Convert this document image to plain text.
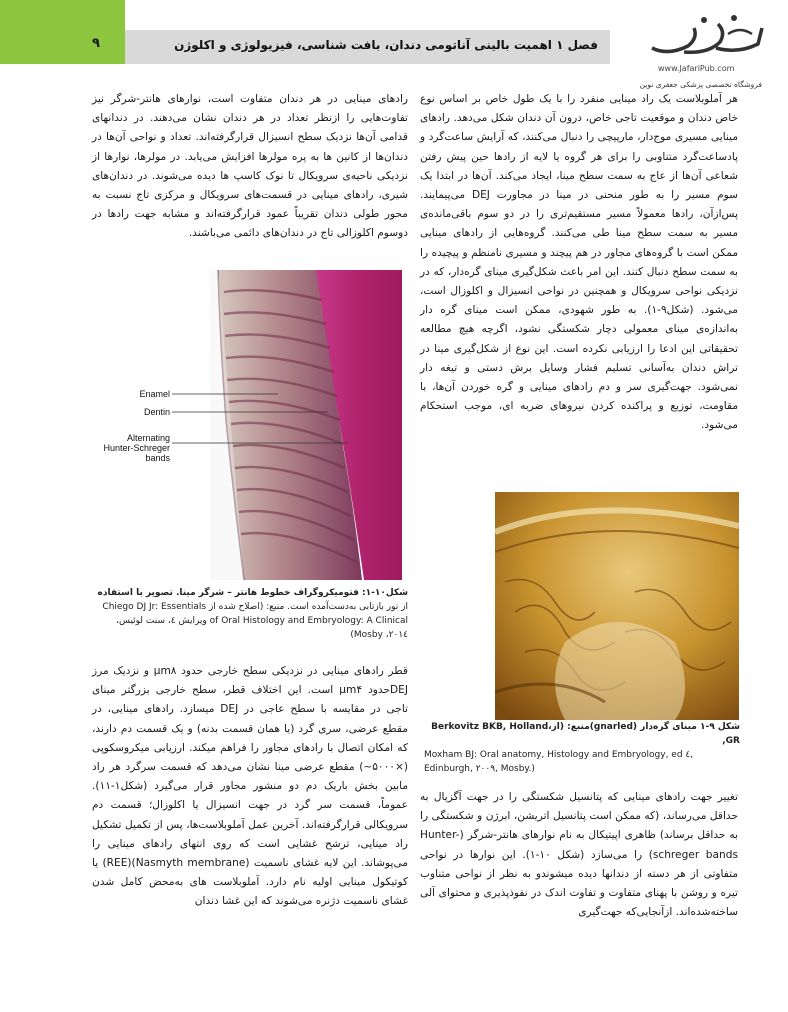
۹	فصل ۱ اهمیت بالینی آناتومی دندان، بافت شناسی، فیزیولوژی و اکلوژن
www.JafariPub.com
فروشگاه تخصصی پزشکی جعفری نوین

هر آملوبلاست یک راد مینایی منفرد را با یک طول خاص بر اساس نوع خاص دندان و موقعیت تاجی خاص، درون آن دندان شکل می‌دهد. رادهای مینایی مسیری موج‌دار، مارپیچی را دنبال می‌کنند، که آرایش ساعت‌گرد و پادساعت‌گرد متناوبی را برای هر گروه یا لایه از رادها حین پیش رفتن شعاعی آن‌ها از عاج به سمت سطح مینا، ایجاد می‌کند. آن‌ها در ابتدا یک سوم مسیر را به طور منحنی در مینا در مجاورت DEJ می‌پیمایند. پس‌از‌آن، رادها معمولاً مسیر مستقیم‌تری را در دو سوم باقی‌مانده‌ی مسیر به سمت سطح مینا طی می‌کنند. گروه‌هایی از رادهای مینایی ممکن است با گروه‌های مجاور در هم پیچند و مسیری نامنظم و پیچیده را به سمت سطح دنبال کنند. این امر باعث شکل‌گیری مینای گره‌دار، که در نزدیکی نواحی سرویکال و همچنین در نواحی انسیزال و اکلوزال است، می‌شود. (شکل۹-۱). به طور شهودی، ممکن است مینای گره دار به‌اندازه‌ی مینای معمولی دچار شکستگی نشود، اگرچه هیچ مطالعه تحقیقاتی این ادعا را ارزیابی نکرده است. این نوع از شکل‌گیری مینا در تراش دندان به‌آسانی تسلیم فشار وسایل برش دستی و تیغه دار نمی‌شود. جهت‌گیری سر و دم رادهای مینایی و گره خوردن آن‌ها، با مقاومت، توزیع و پراکنده کردن نیروهای ضربه ای، موجب استحکام می‌شود.

رادهای مینایی در هر دندان متفاوت است، نوارهای هانتر-شرگر نیز تفاوت‌هایی را ازنظر تعداد در هر دندان نشان می‌دهند. در دندانهای قدامی آن‌ها نزدیک سطح انسیزال قرارگرفته‌اند. تعداد و نواحی آن‌ها در دندان‌ها از کانین ها به پره مولرها افزایش می‌یابد. در مولرها، نوارها از نزدیکی ناحیه‌ی سرویکال تا نوک کاسپ ها دیده می‌شوند. در دندان‌های شیری، رادهای مینایی در قسمت‌های سرویکال و مرکزی تاج نسبت به محور طولی دندان تقریباً عمود قرارگرفته‌اند و مشابه جهت رادها در دوسوم اکلوزالی تاج در دندان‌های دائمی می‌باشند.

Enamel
Dentin
Alternating
Hunter-Schreger
bands
شکل۱۰-۱: فتومیکروگراف خطوط هانتر – شرگر مینا. تصویر با استفاده
از نور بازتابی به‌دست‌آمده است. منبع: (اصلاح شده از Chiego DJ Jr: Essentials of Oral Histology and Embryology: A Clinical ویرایش ٤، سنت لوئیس، ۲۰۱٤، Mosby)

قطر رادهای مینایی در نزدیکی سطح خارجی حدود μm۸ و نزدیک مرز DEJحدود μm۴ است. این اختلاف قطر، سطح خارجی بزرگتر مینای تاجی در مقایسه با سطح عاجی در DEJ میسازد. رادهای مینایی، در مقطع عرضی، سری گرد (یا همان قسمت بدنه) و یک قسمت دم دارند، که امکان اتصال با رادهای مجاور را فراهم میکند. ارزیابی میکروسکوپی (×۵۰۰۰~) مقطع عرضی مینا نشان می‌دهد که قسمت سرگرد هر راد مابین بخش باریک دم دو منشور مجاور قرار می‌گیرد (شکل۱-۱۱). عموماً، قسمت سر گرد در جهت انسیزال یا اکلوزال؛ قسمت دم سرویکالی قرارگرفته‌اند. آخرین عمل آملوبلاست‌ها، پس از تکمیل تشکیل راد مینایی، ترشح غشایی است که روی انتهای رادهای مینایی را می‌پوشاند. این لایه غشای ناسمیت (Nasmyth membrane)(REE) یا کوتیکول مینایی اولیه نام دارد. آملوبلاست های بەمحض کامل شدن غشای ناسمیت دژنره می‌شوند که این غشا دندان

شکل ۹-۱ مینای گره‌دار (gnarled)منبع: (از،Berkovitz BKB, Holland GR,
Moxham BJ: Oral anatomy, Histology and Embryology, ed ٤, Edinburgh, ۲۰۰۹, Mosby.)

تغییر جهت رادهای مینایی که پتانسیل شکستگی را در جهت آگزیال به حداقل می‌رساند، (که ممکن است پتانسیل اتریشن، ابرژن و شکستگی را به حداقل برساند) ظاهری اپیتیکال به نام نوارهای هانتر-شرگر (Hunter-schreger bands) را می‌سازد (شکل ۱۰-۱). این نوارها در نواحی متفاوتی از هر دسته از دندانها دیده میشوندو به نظر از نواحی متناوب تیره و روشن با پهنای متفاوت و تفاوت اندک در نفوذپذیری و محتوای آلی ساخته‌شده‌اند. ازآنجایی‌که جهت‌گیری
